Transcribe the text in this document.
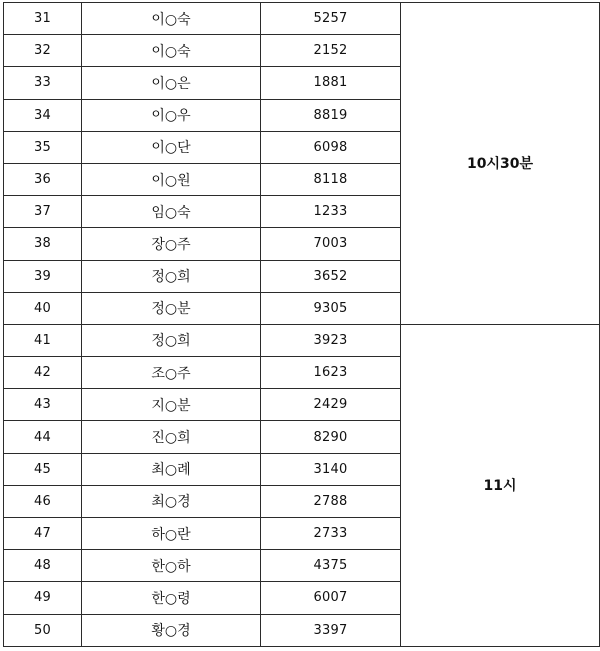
31	이○숙	5257	10시30분
32	이○숙	2152	
33	이○은	1881	
34	이○우	8819	
35	이○단	6098	
36	이○원	8118	
37	임○숙	1233	
38	장○주	7003	
39	정○희	3652	
40	정○분	9305	
41	정○희	3923	11시
42	조○주	1623	
43	지○분	2429	
44	진○희	8290	
45	최○례	3140	
46	최○경	2788	
47	하○란	2733	
48	한○하	4375	
49	한○령	6007	
50	황○경	3397	
